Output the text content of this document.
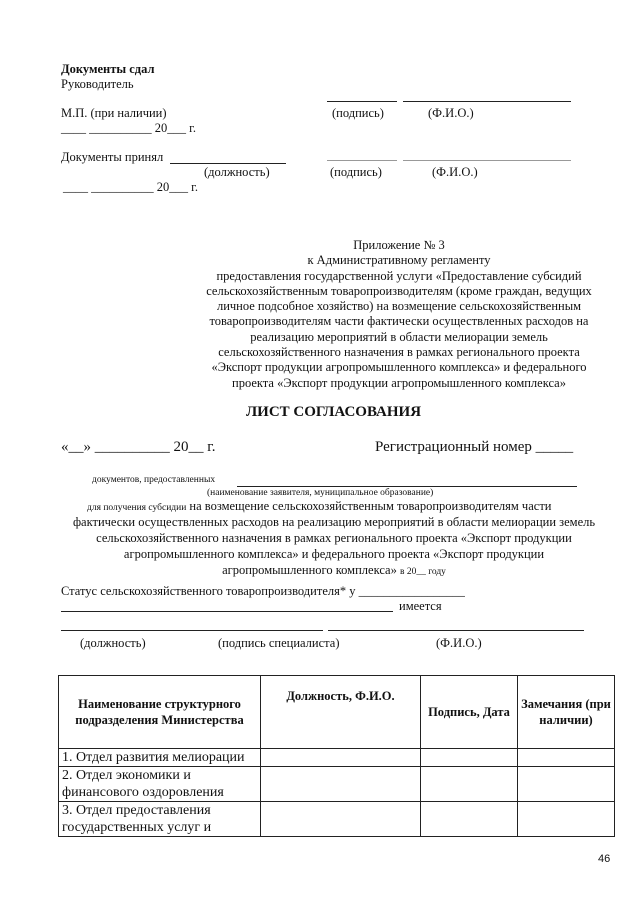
Документы сдал
Руководитель
М.П. (при наличии)	(подпись)	(Ф.И.О.)
____ __________ 20___ г.
Документы принял
(должность)	(подпись)	(Ф.И.О.)
____ __________ 20___ г.
Приложение № 3
к Административному регламенту
предоставления государственной услуги «Предоставление субсидий
сельскохозяйственным товаропроизводителям (кроме граждан, ведущих
личное подсобное хозяйство) на возмещение сельскохозяйственным
товаропроизводителям части фактически осуществленных расходов на
реализацию мероприятий в области мелиорации земель
сельскохозяйственного назначения в рамках регионального проекта
«Экспорт продукции агропромышленного комплекса» и федерального
проекта «Экспорт продукции агропромышленного комплекса»
ЛИСТ СОГЛАСОВАНИЯ
«__» __________ 20__ г.	Регистрационный номер _____
документов, предоставленных
(наименование заявителя, муниципальное образование)
для получения субсидии на возмещение сельскохозяйственным товаропроизводителям части
фактически осуществленных расходов на реализацию мероприятий в области мелиорации земель
сельскохозяйственного назначения в рамках регионального проекта «Экспорт продукции
агропромышленного комплекса» и федерального проекта «Экспорт продукции
агропромышленного комплекса» в 20__ году
Статус сельскохозяйственного товаропроизводителя* у _________________
имеется
(должность)	(подпись специалиста)	(Ф.И.О.)
Наименование структурного подразделения Министерства	Должность, Ф.И.О.	Подпись, Дата	Замечания (при наличии)
1. Отдел развития мелиорации			
2. Отдел экономики и финансового оздоровления			
3. Отдел предоставления государственных услуг и			
46
